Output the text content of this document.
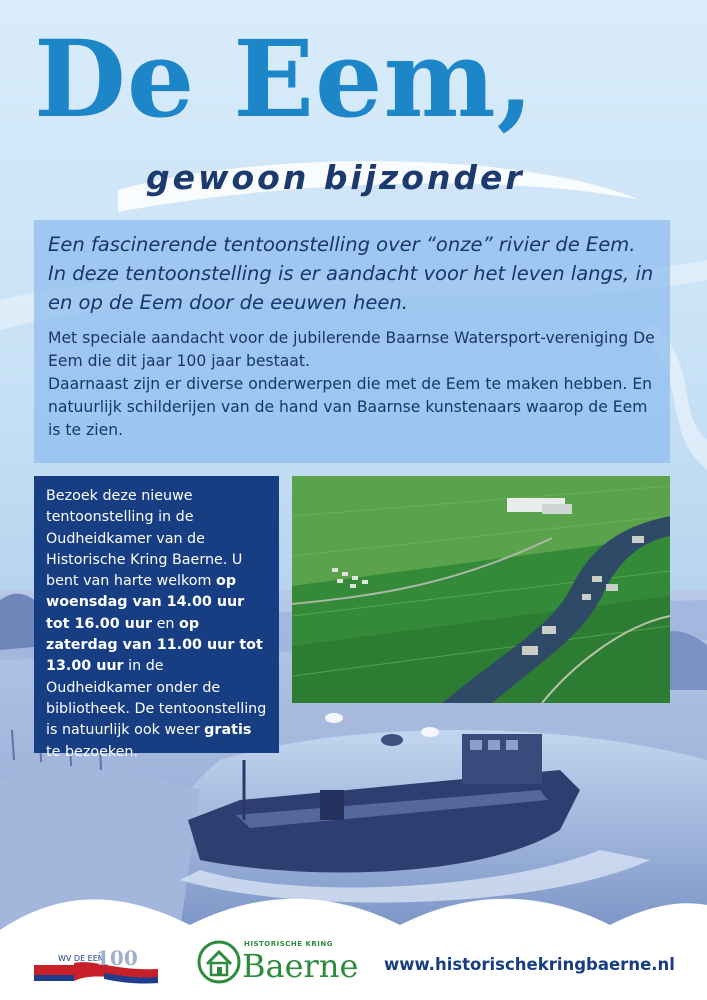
De Eem,
gewoon bijzonder

Een fascinerende tentoonstelling over “onze” rivier de Eem. In deze tentoonstelling is er aandacht voor het leven langs, in en op de Eem door de eeuwen heen.

Met speciale aandacht voor de jubilerende Baarnse Watersport-vereniging De Eem die dit jaar 100 jaar bestaat.
Daarnaast zijn er diverse onderwerpen die met de Eem te maken hebben. En natuurlijk schilderijen van de hand van Baarnse kunstenaars waarop de Eem is te zien.

Bezoek deze nieuwe tentoonstelling in de Oudheidkamer van de Historische Kring Baerne. U bent van harte welkom op woensdag van 14.00 uur tot 16.00 uur en op zaterdag van 11.00 uur tot 13.00 uur in de Oudheidkamer onder de bibliotheek. De tentoonstelling is natuurlijk ook weer gratis te bezoeken.
WV DE EEM
100
HISTORISCHE KRING
Baerne www.historischekringbaerne.nl
